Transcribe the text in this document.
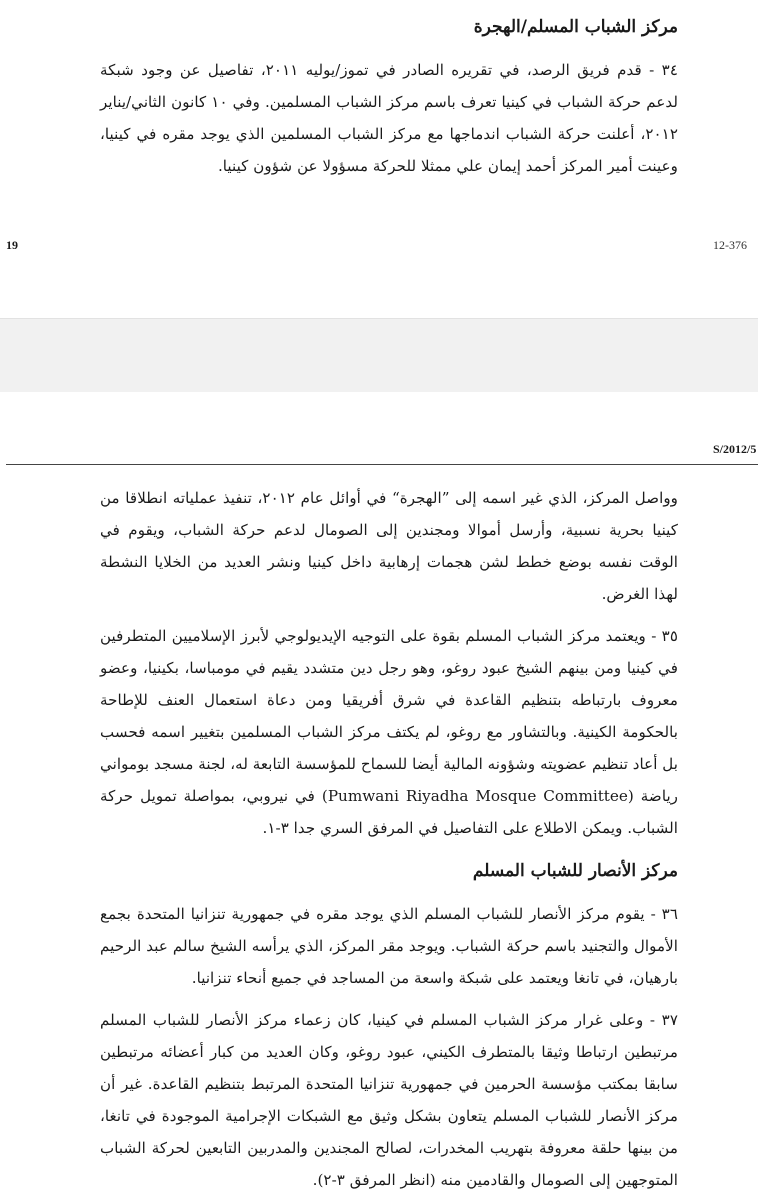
مركز الشباب المسلم/الهجرة

٣٤ - قدم فريق الرصد، في تقريره الصادر في تموز/يوليه ٢٠١١، تفاصيل عن وجود شبكة لدعم حركة الشباب في كينيا تعرف باسم مركز الشباب المسلمين. وفي ١٠ كانون الثاني/يناير ٢٠١٢، أعلنت حركة الشباب اندماجها مع مركز الشباب المسلمين الذي يوجد مقره في كينيا، وعينت أمير المركز أحمد إيمان علي ممثلا للحركة مسؤولا عن شؤون كينيا.

19	12-376
S/2012/5

وواصل المركز، الذي غير اسمه إلى ”الهجرة“ في أوائل عام ٢٠١٢، تنفيذ عملياته انطلاقا من كينيا بحرية نسبية، وأرسل أموالا ومجندين إلى الصومال لدعم حركة الشباب، ويقوم في الوقت نفسه بوضع خطط لشن هجمات إرهابية داخل كينيا ونشر العديد من الخلايا النشطة لهذا الغرض.

٣٥ - ويعتمد مركز الشباب المسلم بقوة على التوجيه الإيديولوجي لأبرز الإسلاميين المتطرفين في كينيا ومن بينهم الشيخ عبود روغو، وهو رجل دين متشدد يقيم في مومباسا، بكينيا، وعضو معروف بارتباطه بتنظيم القاعدة في شرق أفريقيا ومن دعاة استعمال العنف للإطاحة بالحكومة الكينية. وبالتشاور مع روغو، لم يكتف مركز الشباب المسلمين بتغيير اسمه فحسب بل أعاد تنظيم عضويته وشؤونه المالية أيضا للسماح للمؤسسة التابعة له، لجنة مسجد بومواني رياضة (Pumwani Riyadha Mosque Committee) في نيروبي، بمواصلة تمويل حركة الشباب. ويمكن الاطلاع على التفاصيل في المرفق السري جدا ٣-١.

مركز الأنصار للشباب المسلم

٣٦ - يقوم مركز الأنصار للشباب المسلم الذي يوجد مقره في جمهورية تنزانيا المتحدة بجمع الأموال والتجنيد باسم حركة الشباب. ويوجد مقر المركز، الذي يرأسه الشيخ سالم عبد الرحيم بارهيان، في تانغا ويعتمد على شبكة واسعة من المساجد في جميع أنحاء تنزانيا.

٣٧ - وعلى غرار مركز الشباب المسلم في كينيا، كان زعماء مركز الأنصار للشباب المسلم مرتبطين ارتباطا وثيقا بالمتطرف الكيني، عبود روغو، وكان العديد من كبار أعضائه مرتبطين سابقا بمكتب مؤسسة الحرمين في جمهورية تنزانيا المتحدة المرتبط بتنظيم القاعدة. غير أن مركز الأنصار للشباب المسلم يتعاون بشكل وثيق مع الشبكات الإجرامية الموجودة في تانغا، من بينها حلقة معروفة بتهريب المخدرات، لصالح المجندين والمدربين التابعين لحركة الشباب المتوجهين إلى الصومال والقادمين منه (انظر المرفق ٣-٢).
